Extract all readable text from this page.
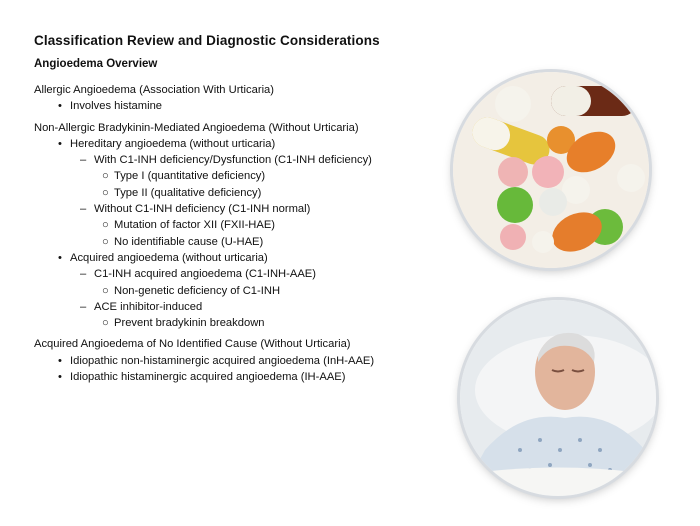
Classification Review and Diagnostic Considerations
Angioedema Overview
Allergic Angioedema (Association With Urticaria)
• Involves histamine
Non-Allergic Bradykinin-Mediated Angioedema (Without Urticaria)
• Hereditary angioedema (without urticaria)
– With C1-INH deficiency/Dysfunction (C1-INH deficiency)
○ Type I (quantitative deficiency)
○ Type II (qualitative deficiency)
– Without C1-INH deficiency (C1-INH normal)
○ Mutation of factor XII (FXII-HAE)
○ No identifiable cause (U-HAE)
• Acquired angioedema (without urticaria)
– C1-INH acquired angioedema (C1-INH-AAE)
○ Non-genetic deficiency of C1-INH
– ACE inhibitor-induced
○ Prevent bradykinin breakdown
Acquired Angioedema of No Identified Cause (Without Urticaria)
• Idiopathic non-histaminergic acquired angioedema (InH-AAE)
• Idiopathic histaminergic acquired angioedema (IH-AAE)
